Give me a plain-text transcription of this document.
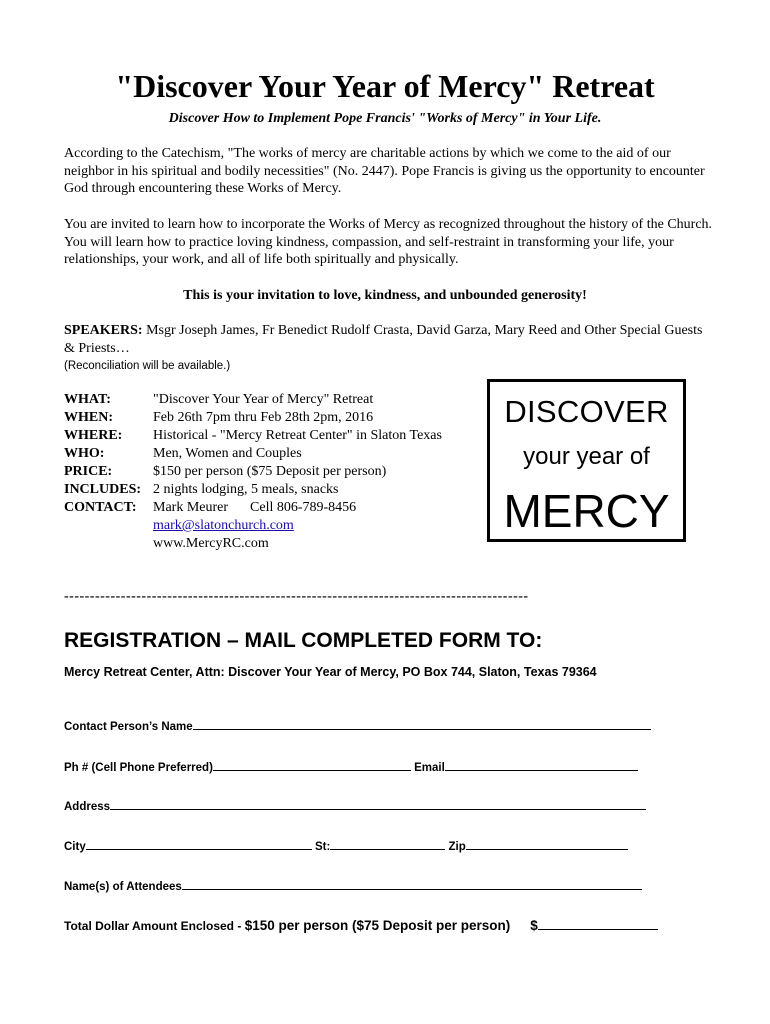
"Discover Your Year of Mercy" Retreat
Discover How to Implement Pope Francis' "Works of Mercy" in Your Life.

According to the Catechism, "The works of mercy are charitable actions by which we come to the aid of our neighbor in his spiritual and bodily necessities" (No. 2447). Pope Francis is giving us the opportunity to encounter God through encountering these Works of Mercy.

You are invited to learn how to incorporate the Works of Mercy as recognized throughout the history of the Church. You will learn how to practice loving kindness, compassion, and self-restraint in transforming your life, your relationships, your work, and all of life both spiritually and physically.

This is your invitation to love, kindness, and unbounded generosity!

SPEAKERS: Msgr Joseph James, Fr Benedict Rudolf Crasta, David Garza, Mary Reed and Other Special Guests & Priests…

(Reconciliation will be available.)
WHAT:	"Discover Your Year of Mercy" Retreat
WHEN:	Feb 26th 7pm thru Feb 28th 2pm, 2016
WHERE:	Historical - "Mercy Retreat Center" in Slaton Texas
WHO:	Men, Women and Couples
PRICE:	$150 per person ($75 Deposit per person)
INCLUDES: 2 nights lodging, 5 meals, snacks
CONTACT:	Mark Meurer Cell 806-789-8456
mark@slatonchurch.com
www.MercyRC.com
DISCOVER
your year of
MERCY
------------------------------------------------------------------------------------------
REGISTRATION – MAIL COMPLETED FORM TO:
Mercy Retreat Center, Attn: Discover Your Year of Mercy, PO Box 744, Slaton, Texas 79364
Contact Person’s Name
Ph # (Cell Phone Preferred)	Email
Address
City	St:	Zip
Name(s) of Attendees
Total Dollar Amount Enclosed - $150 per person ($75 Deposit per person) $
